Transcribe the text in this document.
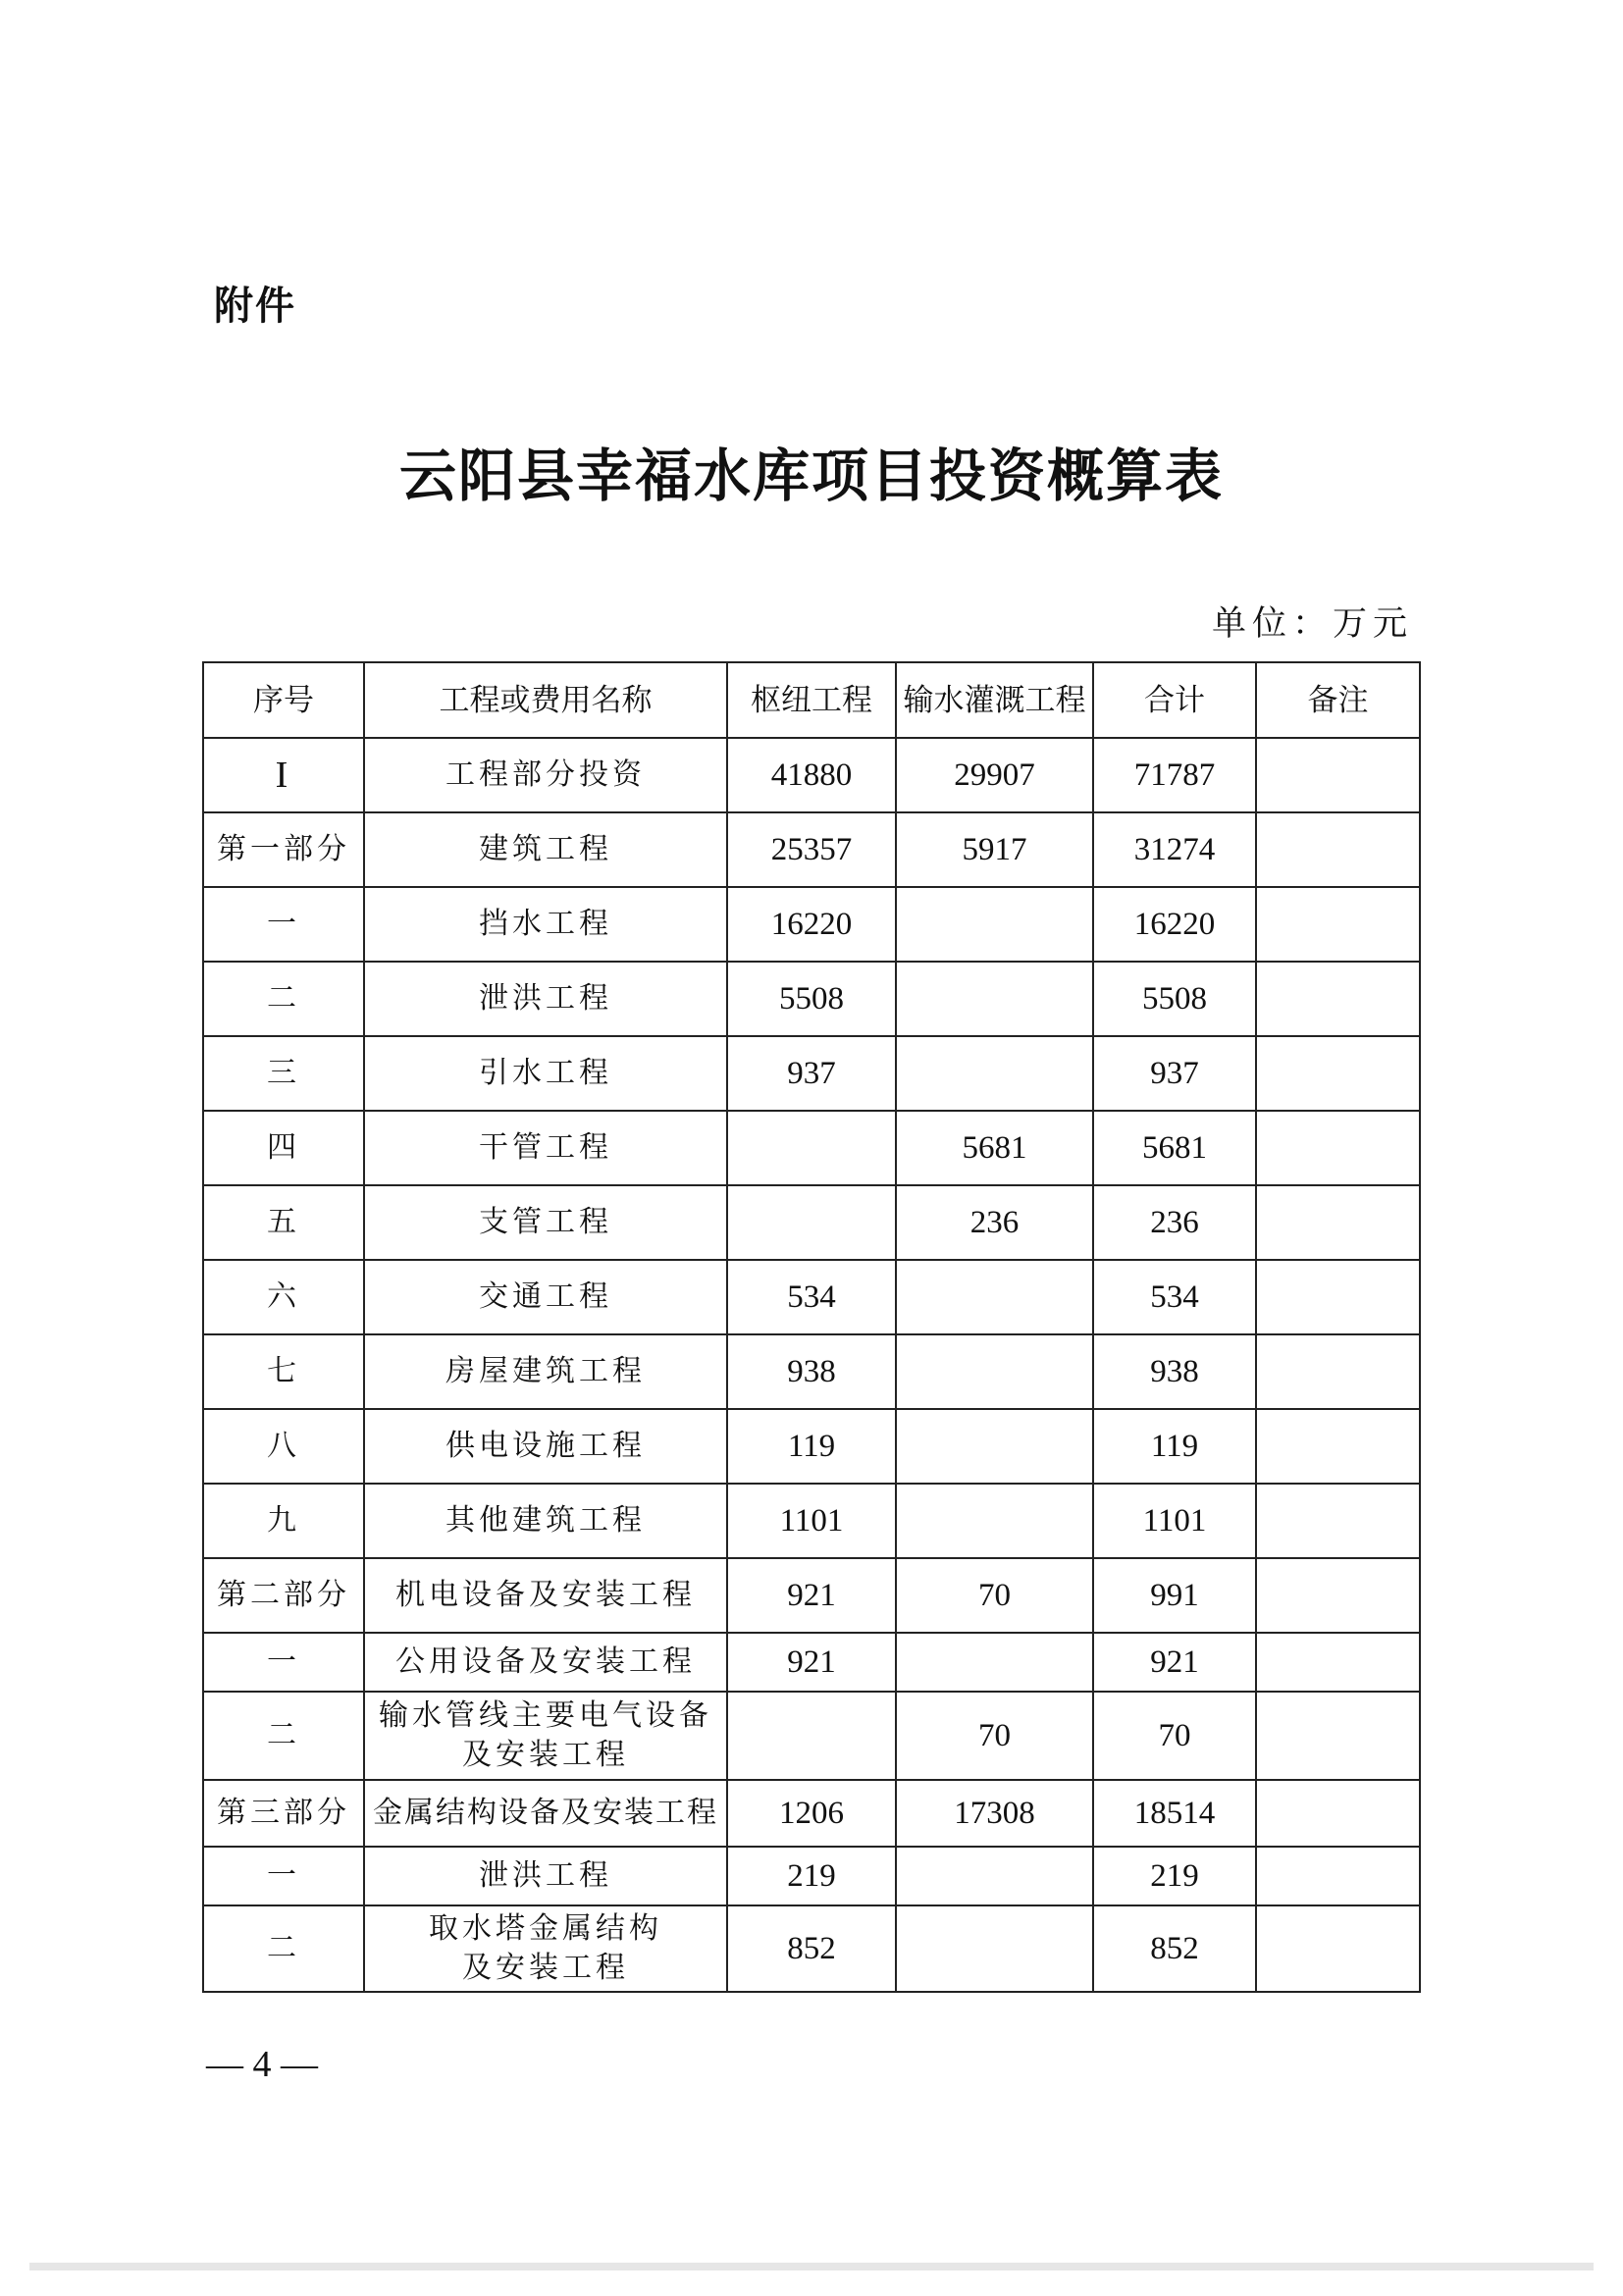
附件
云阳县幸福水库项目投资概算表
单位：万元
序号	工程或费用名称	枢纽工程	输水灌溉工程	合计	备注
I	工程部分投资	41880	29907	71787	
第一部分	建筑工程	25357	5917	31274	
一	挡水工程	16220		16220	
二	泄洪工程	5508		5508	
三	引水工程	937		937	
四	干管工程		5681	5681	
五	支管工程		236	236	
六	交通工程	534		534	
七	房屋建筑工程	938		938	
八	供电设施工程	119		119	
九	其他建筑工程	1101		1101	
第二部分	机电设备及安装工程	921	70	991	
一	公用设备及安装工程	921		921	
二	输水管线主要电气设备
及安装工程		70	70	
第三部分	金属结构设备及安装工程	1206	17308	18514	
一	泄洪工程	219		219	
二	取水塔金属结构
及安装工程	852		852	
— 4 —
